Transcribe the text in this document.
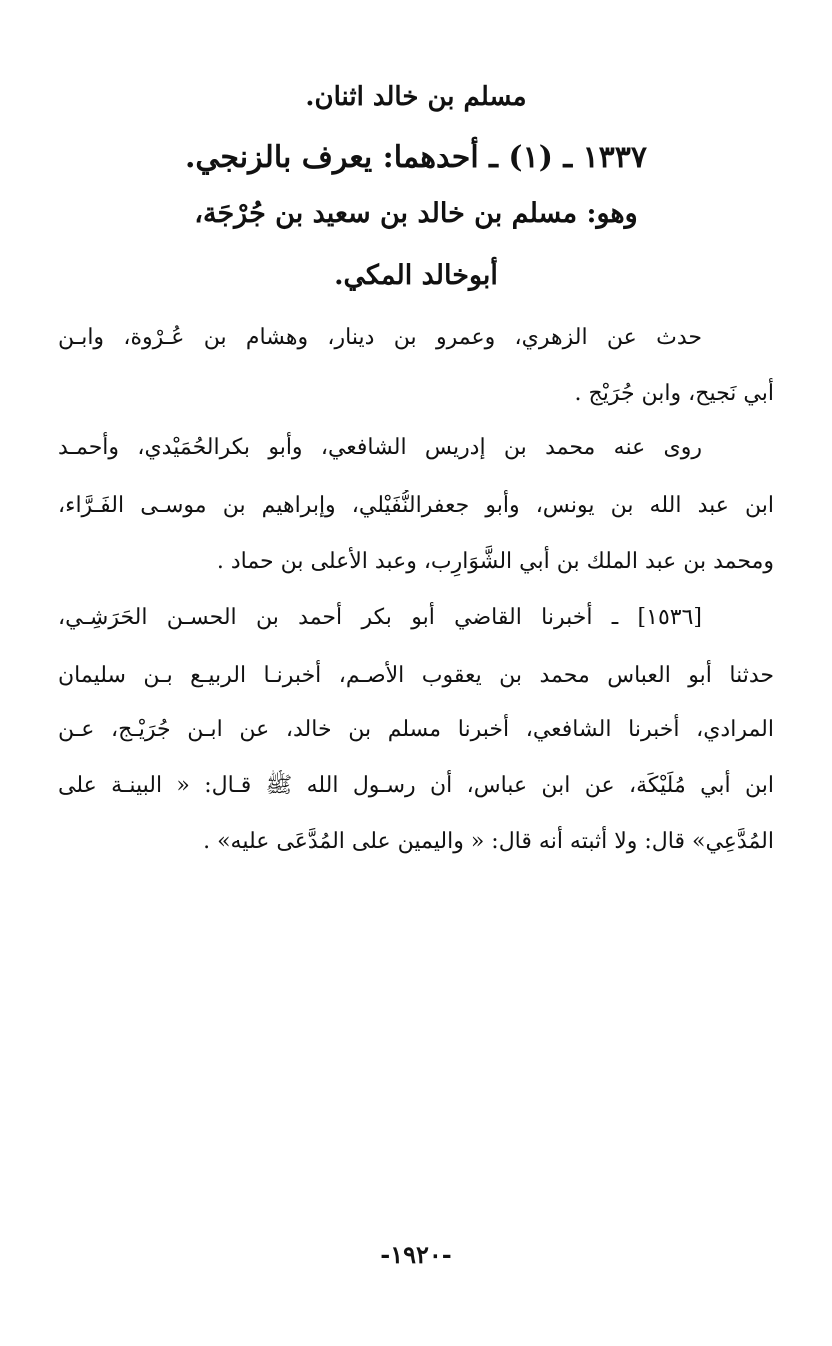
مسلم بن خالد اثنان.
١٣٣٧ ـ (١) ـ أحدهما: يعرف بالزنجي.
وهو: مسلم بن خالد بن سعيد بن جُرْجَة،
أبوخالد المكي.
حدث عن الزهري، وعمرو بن دينار، وهشام بن عُـرْوة، وابـن
أبي نَجيح، وابن جُرَيْج .
روى عنه محمد بن إدريس الشافعي، وأبو بكرالحُمَيْدي، وأحمـد
ابن عبد الله بن يونس، وأبو جعفرالنُّفَيْلي، وإبراهيم بن موسـى الفَـرَّاء،
ومحمد بن عبد الملك بن أبي الشَّوَارِب، وعبد الأعلى بن حماد .
[١٥٣٦] ـ أخبرنا القاضي أبو بكر أحمد بن الحسـن الحَرَشِـي،
حدثنا أبو العباس محمد بن يعقوب الأصـم، أخبرنـا الربيـع بـن سليمان
المرادي، أخبرنا الشافعي، أخبرنا مسلم بن خالد، عن ابـن جُرَيْـج، عـن
ابن أبي مُلَيْكَة، عن ابن عباس، أن رسـول الله ﷺ قـال: « البينـة على
المُدَّعِي» قال: ولا أثبته أنه قال: « واليمين على المُدَّعَى عليه» .
-١٩٢٠-
